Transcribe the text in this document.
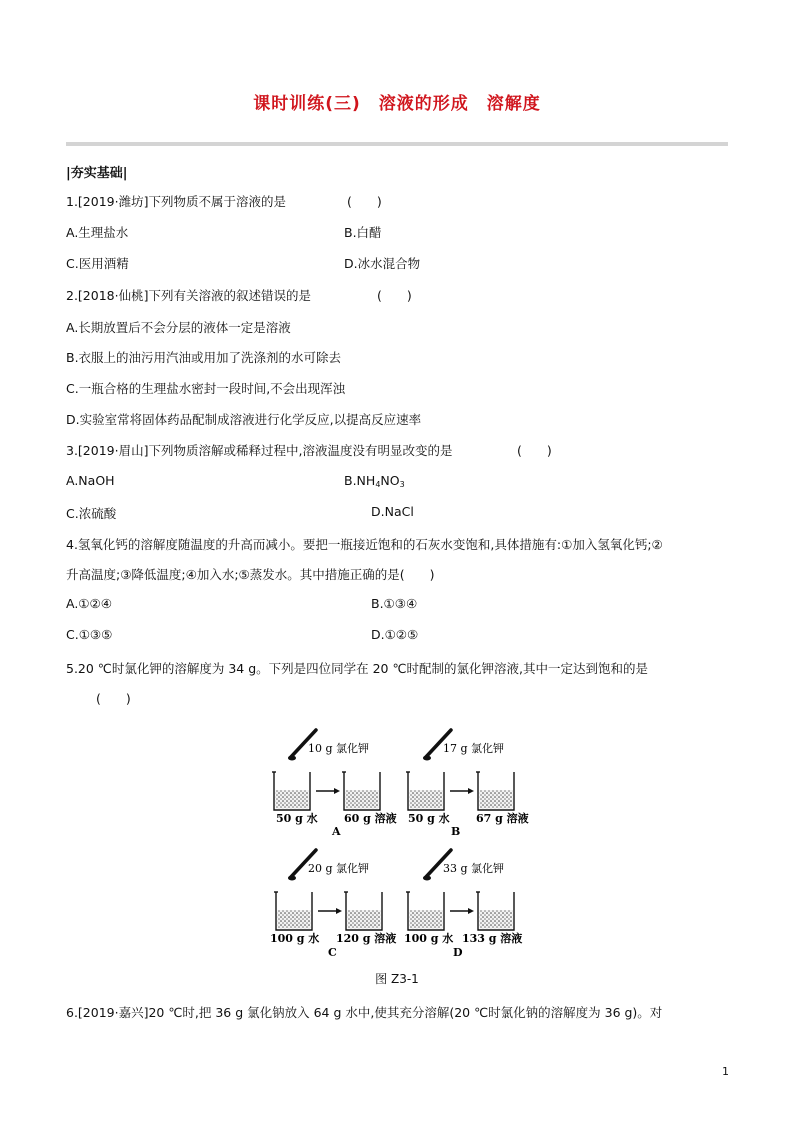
课时训练(三)　溶液的形成　溶解度
|夯实基础|
1.[2019·潍坊]下列物质不属于溶液的是	(　　)
A.生理盐水	B.白醋
C.医用酒精	D.冰水混合物
2.[2018·仙桃]下列有关溶液的叙述错误的是	(　　)
A.长期放置后不会分层的液体一定是溶液
B.衣服上的油污用汽油或用加了洗涤剂的水可除去
C.一瓶合格的生理盐水密封一段时间,不会出现浑浊
D.实验室常将固体药品配制成溶液进行化学反应,以提高反应速率
3.[2019·眉山]下列物质溶解或稀释过程中,溶液温度没有明显改变的是	(　　)
A.NaOH	$B.NH_4NO_3$
C.浓硫酸	D.NaCl
4.氢氧化钙的溶解度随温度的升高而减小。要把一瓶接近饱和的石灰水变饱和,具体措施有:①加入氢氧化钙;②
升高温度;③降低温度;④加入水;⑤蒸发水。其中措施正确的是(　　)
A.①②④	B.①③④
C.①③⑤	D.①②⑤
5.20 ℃时氯化钾的溶解度为 34 g。下列是四位同学在 20 ℃时配制的氯化钾溶液,其中一定达到饱和的是
(　　)
10 g 氯化钾
50 g 水 60 g 溶液
A
17 g 氯化钾
50 g 水 67 g 溶液
B
20 g 氯化钾
100 g 水 120 g 溶液
C
33 g 氯化钾
100 g 水 133 g 溶液
D
图 Z3-1
6.[2019·嘉兴]20 ℃时,把 36 g 氯化钠放入 64 g 水中,使其充分溶解(20 ℃时氯化钠的溶解度为 36 g)。对
1
